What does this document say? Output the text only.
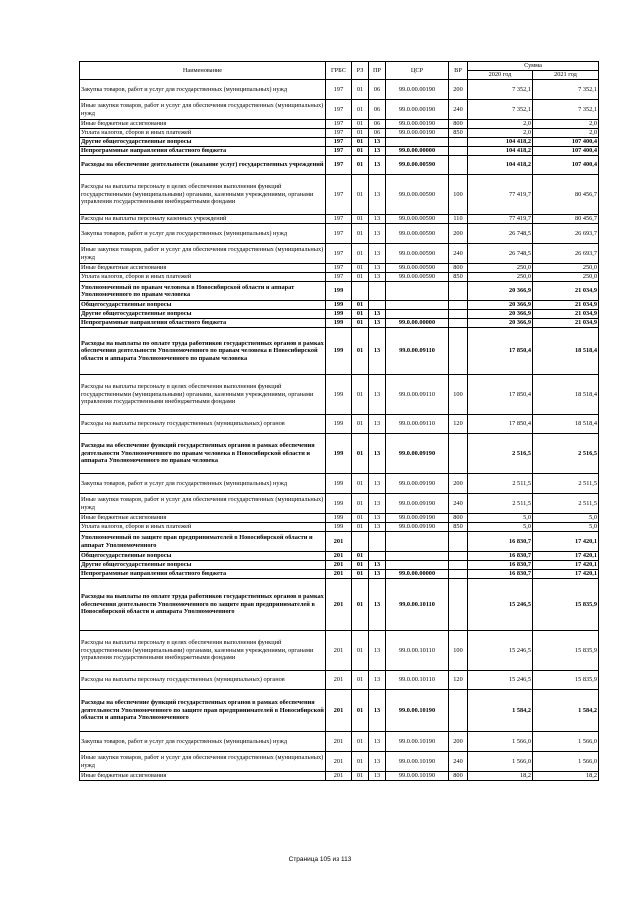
Наименование	ГРБС	РЗ	ПР	ЦСР	ВР	Сумма	
						2020 год	2021 год
Закупка товаров, работ и услуг для государственных (муниципальных) нужд	197	01	06	99.0.00.00190	200	7 352,1	7 352,1
Иные закупки товаров, работ и услуг для обеспечения государственных (муниципальных) нужд	197	01	06	99.0.00.00190	240	7 352,1	7 352,1
Иные бюджетные ассигнования	197	01	06	99.0.00.00190	800	2,0	2,0
Уплата налогов, сборов и иных платежей	197	01	06	99.0.00.00190	850	2,0	2,0
Другие общегосударственные вопросы	197	01	13			104 418,2	107 400,4
Непрограммные направления областного бюджета	197	01	13	99.0.00.00000		104 418,2	107 400,4
Расходы на обеспечение деятельности (оказание услуг) государственных учреждений	197	01	13	99.0.00.00590		104 418,2	107 400,4
Расходы на выплаты персоналу в целях обеспечения выполнения функций государственными (муниципальными) органами, казенными учреждениями, органами управления государственными внебюджетными фондами	197	01	13	99.0.00.00590	100	77 419,7	80 456,7
Расходы на выплаты персоналу казенных учреждений	197	01	13	99.0.00.00590	110	77 419,7	80 456,7
Закупка товаров, работ и услуг для государственных (муниципальных) нужд	197	01	13	99.0.00.00590	200	26 748,5	26 693,7
Иные закупки товаров, работ и услуг для обеспечения государственных (муниципальных) нужд	197	01	13	99.0.00.00590	240	26 748,5	26 693,7
Иные бюджетные ассигнования	197	01	13	99.0.00.00590	800	250,0	250,0
Уплата налогов, сборов и иных платежей	197	01	13	99.0.00.00590	850	250,0	250,0
Уполномоченный по правам человека в Новосибирской области и аппарат Уполномоченного по правам человека	199					20 366,9	21 034,9
Общегосударственные вопросы	199	01				20 366,9	21 034,9
Другие общегосударственные вопросы	199	01	13			20 366,9	21 034,9
Непрограммные направления областного бюджета	199	01	13	99.0.00.00000		20 366,9	21 034,9
Расходы на выплаты по оплате труда работников государственных органов в рамках обеспечения деятельности Уполномоченного по правам человека в Новосибирской области и аппарата Уполномоченного по правам человека	199	01	13	99.0.00.09110		17 850,4	18 518,4
Расходы на выплаты персоналу в целях обеспечения выполнения функций государственными (муниципальными) органами, казенными учреждениями, органами управления государственными внебюджетными фондами	199	01	13	99.0.00.09110	100	17 850,4	18 518,4
Расходы на выплаты персоналу государственных (муниципальных) органов	199	01	13	99.0.00.09110	120	17 850,4	18 518,4
Расходы на обеспечение функций государственных органов в рамках обеспечения деятельности Уполномоченного по правам человека в Новосибирской области и аппарата Уполномоченного по правам человека	199	01	13	99.0.00.09190		2 516,5	2 516,5
Закупка товаров, работ и услуг для государственных (муниципальных) нужд	199	01	13	99.0.00.09190	200	2 511,5	2 511,5
Иные закупки товаров, работ и услуг для обеспечения государственных (муниципальных) нужд	199	01	13	99.0.00.09190	240	2 511,5	2 511,5
Иные бюджетные ассигнования	199	01	13	99.0.00.09190	800	5,0	5,0
Уплата налогов, сборов и иных платежей	199	01	13	99.0.00.09190	850	5,0	5,0
Уполномоченный по защите прав предпринимателей в Новосибирской области и аппарат Уполномоченного	201					16 830,7	17 420,1
Общегосударственные вопросы	201	01				16 830,7	17 420,1
Другие общегосударственные вопросы	201	01	13			16 830,7	17 420,1
Непрограммные направления областного бюджета	201	01	13	99.0.00.00000		16 830,7	17 420,1
Расходы на выплаты по оплате труда работников государственных органов в рамках обеспечения деятельности Уполномоченного по защите прав предпринимателей в Новосибирской области и аппарата Уполномоченного	201	01	13	99.0.00.10110		15 246,5	15 835,9
Расходы на выплаты персоналу в целях обеспечения выполнения функций государственными (муниципальными) органами, казенными учреждениями, органами управления государственными внебюджетными фондами	201	01	13	99.0.00.10110	100	15 246,5	15 835,9
Расходы на выплаты персоналу государственных (муниципальных) органов	201	01	13	99.0.00.10110	120	15 246,5	15 835,9
Расходы на обеспечение функций государственных органов в рамках обеспечения деятельности Уполномоченного по защите прав предпринимателей в Новосибирской области и аппарата Уполномоченного	201	01	13	99.0.00.10190		1 584,2	1 584,2
Закупка товаров, работ и услуг для государственных (муниципальных) нужд	201	01	13	99.0.00.10190	200	1 566,0	1 566,0
Иные закупки товаров, работ и услуг для обеспечения государственных (муниципальных) нужд	201	01	13	99.0.00.10190	240	1 566,0	1 566,0
Иные бюджетные ассигнования	201	01	13	99.0.00.10190	800	18,2	18,2
Страница 105 из 113
